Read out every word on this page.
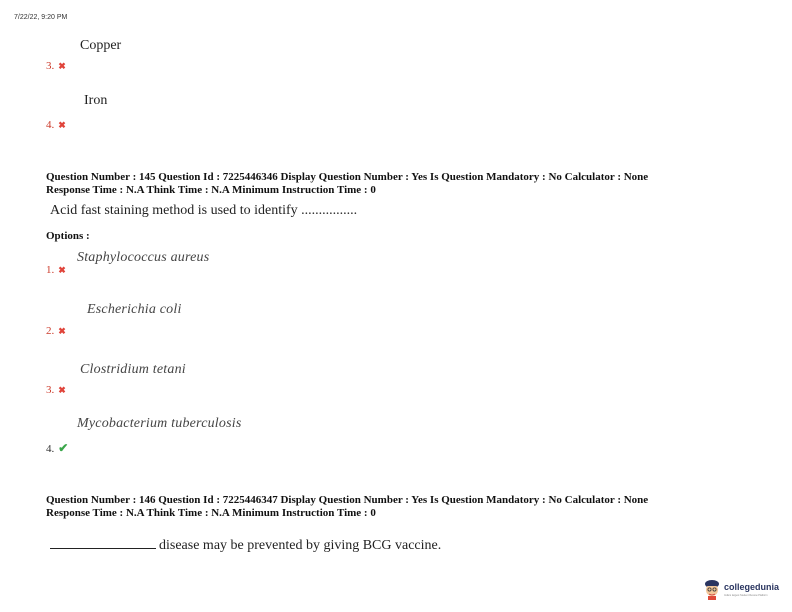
7/22/22, 9:20 PM
Copper
3. ✖
Iron
4. ✖
Question Number : 145 Question Id : 7225446346 Display Question Number : Yes Is Question Mandatory : No Calculator : None
Response Time : N.A Think Time : N.A Minimum Instruction Time : 0
Acid fast staining method is used to identify ................
Options :
Staphylococcus aureus
1. ✖
Escherichia coli
2. ✖
Clostridium tetani
3. ✖
Mycobacterium tuberculosis
4. ✔
Question Number : 146 Question Id : 7225446347 Display Question Number : Yes Is Question Mandatory : No Calculator : None
Response Time : N.A Think Time : N.A Minimum Instruction Time : 0
disease may be prevented by giving BCG vaccine.
collegedunia
India's largest Student Review Platform
